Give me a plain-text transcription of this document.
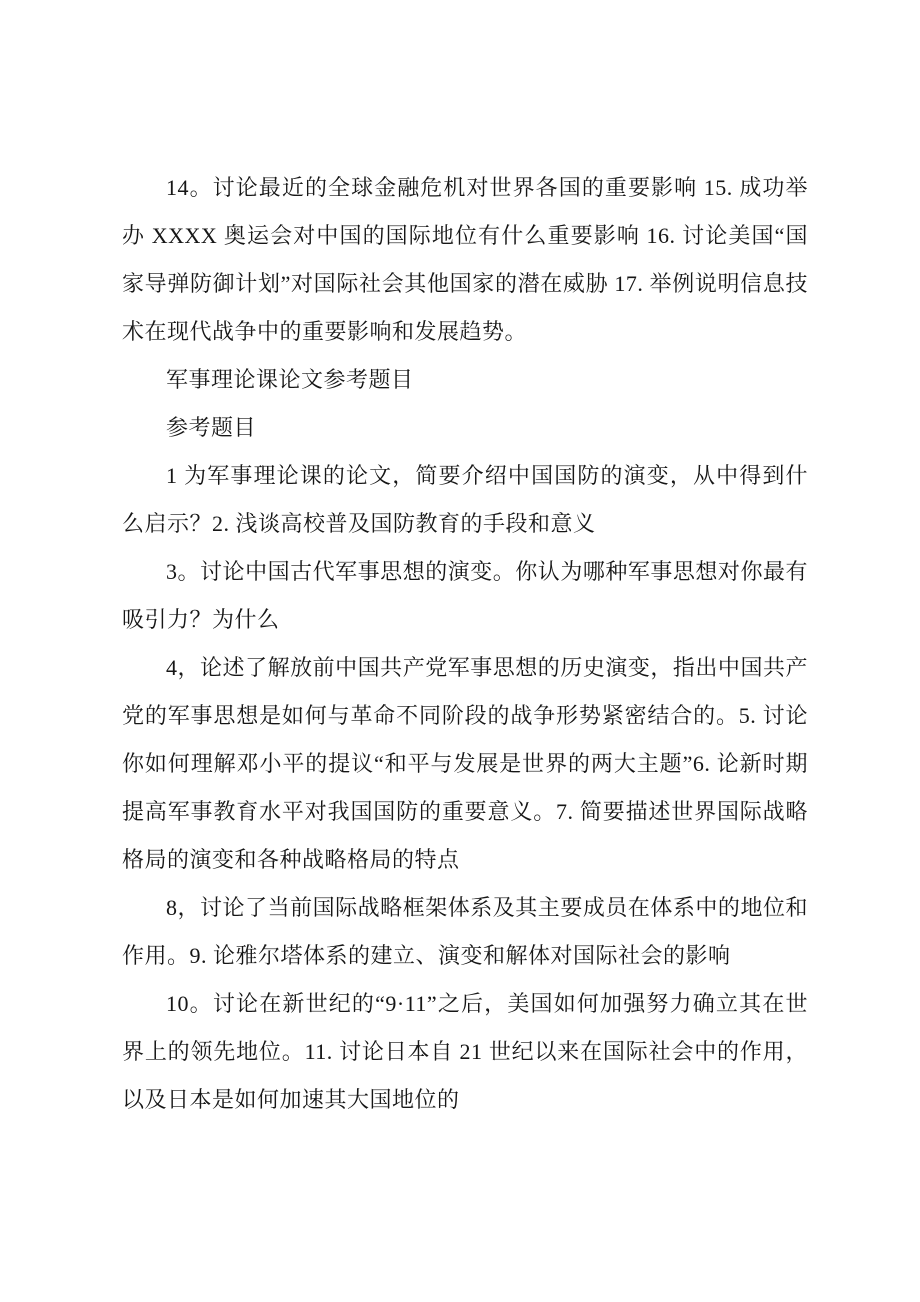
14。讨论最近的全球金融危机对世界各国的重要影响 15. 成功举办 XXXX 奥运会对中国的国际地位有什么重要影响 16. 讨论美国“国家导弹防御计划”对国际社会其他国家的潜在威胁 17. 举例说明信息技术在现代战争中的重要影响和发展趋势。

军事理论课论文参考题目

参考题目

1 为军事理论课的论文，简要介绍中国国防的演变，从中得到什么启示？2. 浅谈高校普及国防教育的手段和意义

3。讨论中国古代军事思想的演变。你认为哪种军事思想对你最有吸引力？为什么

4，论述了解放前中国共产党军事思想的历史演变，指出中国共产党的军事思想是如何与革命不同阶段的战争形势紧密结合的。5. 讨论你如何理解邓小平的提议“和平与发展是世界的两大主题”6. 论新时期提高军事教育水平对我国国防的重要意义。7. 简要描述世界国际战略格局的演变和各种战略格局的特点

8，讨论了当前国际战略框架体系及其主要成员在体系中的地位和作用。9. 论雅尔塔体系的建立、演变和解体对国际社会的影响

10。讨论在新世纪的“9·11”之后，美国如何加强努力确立其在世界上的领先地位。11. 讨论日本自 21 世纪以来在国际社会中的作用，以及日本是如何加速其大国地位的
